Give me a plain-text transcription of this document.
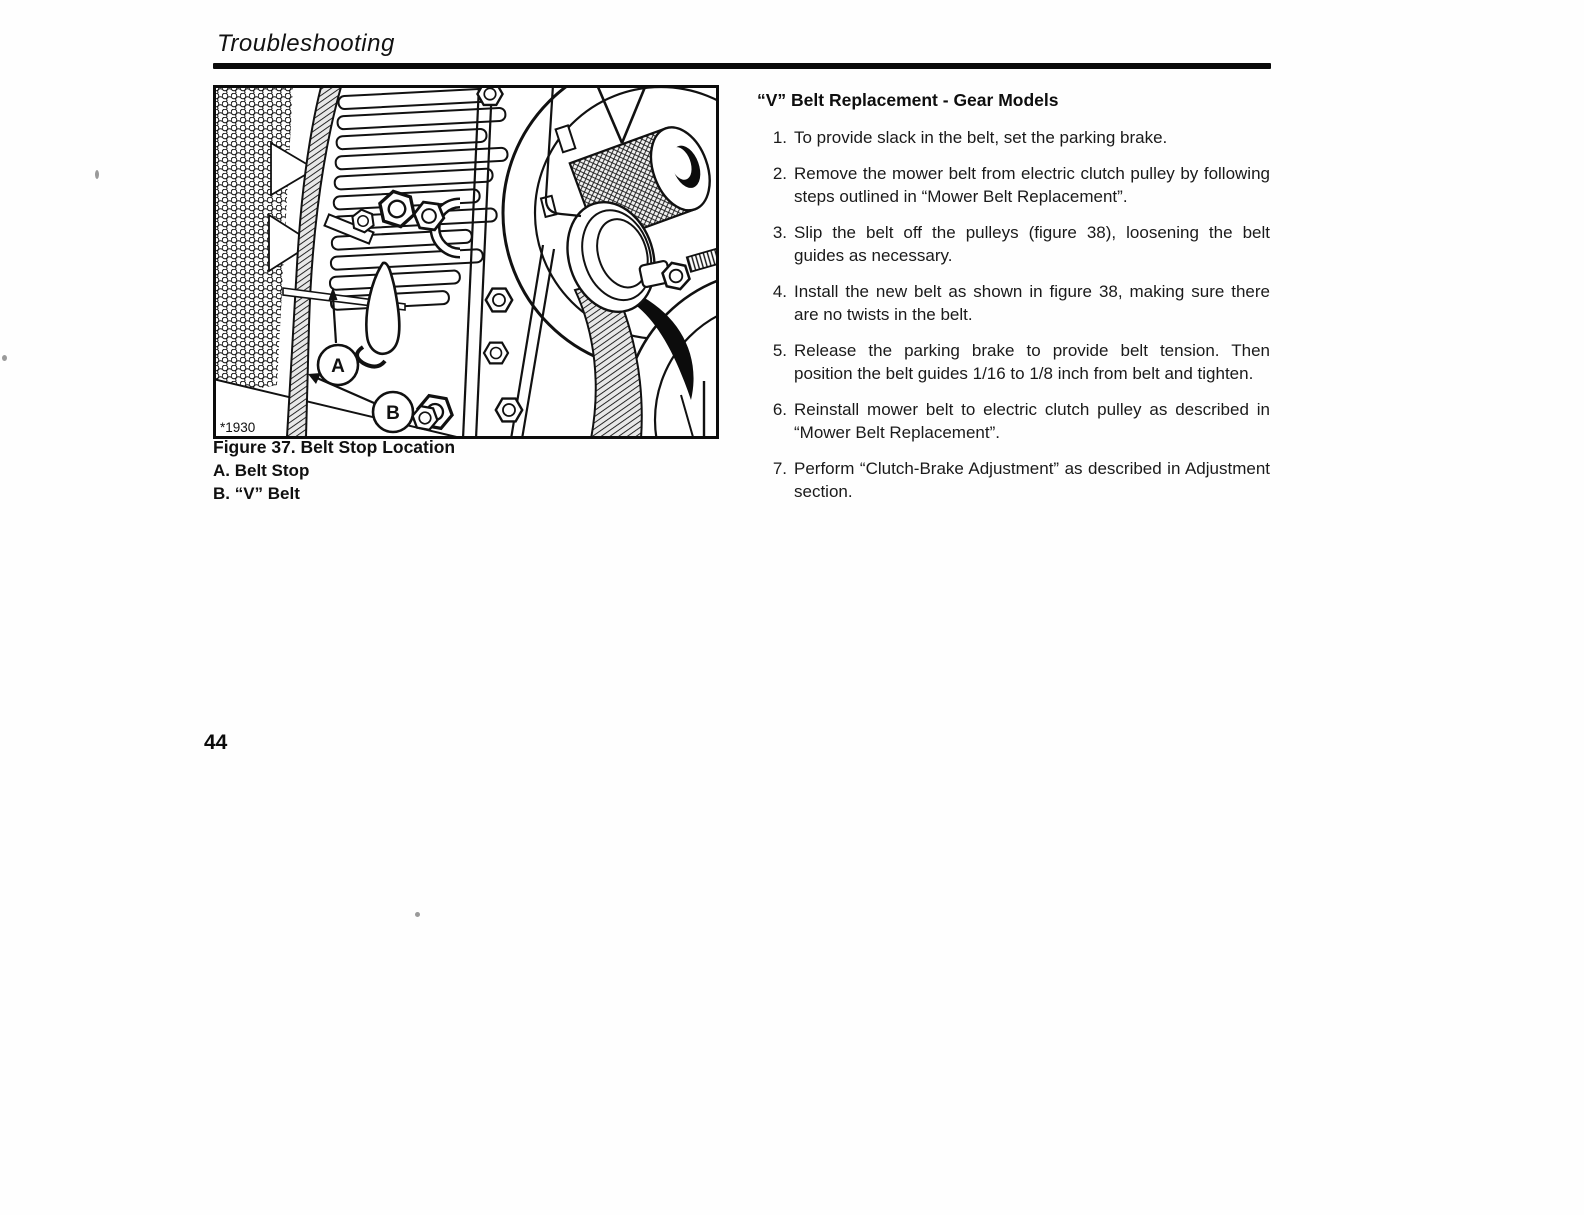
Troubleshooting
A
B
*1930
Figure 37. Belt Stop Location
A. Belt Stop
B. “V” Belt
“V” Belt Replacement - Gear Models
1. To provide slack in the belt, set the parking brake.
2. Remove the mower belt from electric clutch pulley by following steps outlined in “Mower Belt Replacement”.
3. Slip the belt off the pulleys (figure 38), loosening the belt guides as necessary.
4. Install the new belt as shown in figure 38, making sure there are no twists in the belt.
5. Release the parking brake to provide belt tension. Then position the belt guides 1/16 to 1/8 inch from belt and tighten.
6. Reinstall mower belt to electric clutch pulley as described in “Mower Belt Replacement”.
7. Perform “Clutch-Brake Adjustment” as described in Adjustment section.
44
